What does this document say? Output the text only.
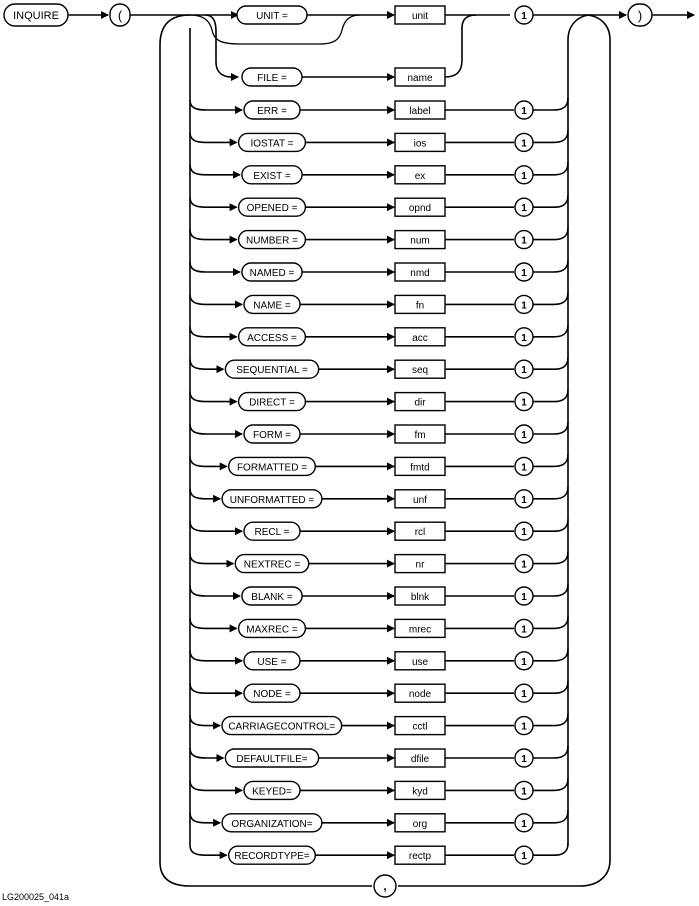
INQUIRE	(	UNIT =	unit	1
FILE =	name
ERR =	label	1
IOSTAT =	ios	1
EXIST =	ex	1
OPENED =	opnd	1
NUMBER =	num	1
NAMED =	nmd	1
NAME =	fn	1
ACCESS =	acc	1
SEQUENTIAL =	seq	1
DIRECT =	dir	1
FORM =	fm	1
FORMATTED =	fmtd	1
UNFORMATTED =	unf	1
RECL =	rcl	1
NEXTREC =	nr	1
BLANK =	blnk	1
MAXREC =	mrec	1
USE =	use	1
NODE =	node	1
CARRIAGECONTROL=	cctl	1
DEFAULTFILE=	dfile	1
KEYED=	kyd	1
ORGANIZATION=	org	1
RECORDTYPE=	rectp	1
)
,
LG200025_041a
